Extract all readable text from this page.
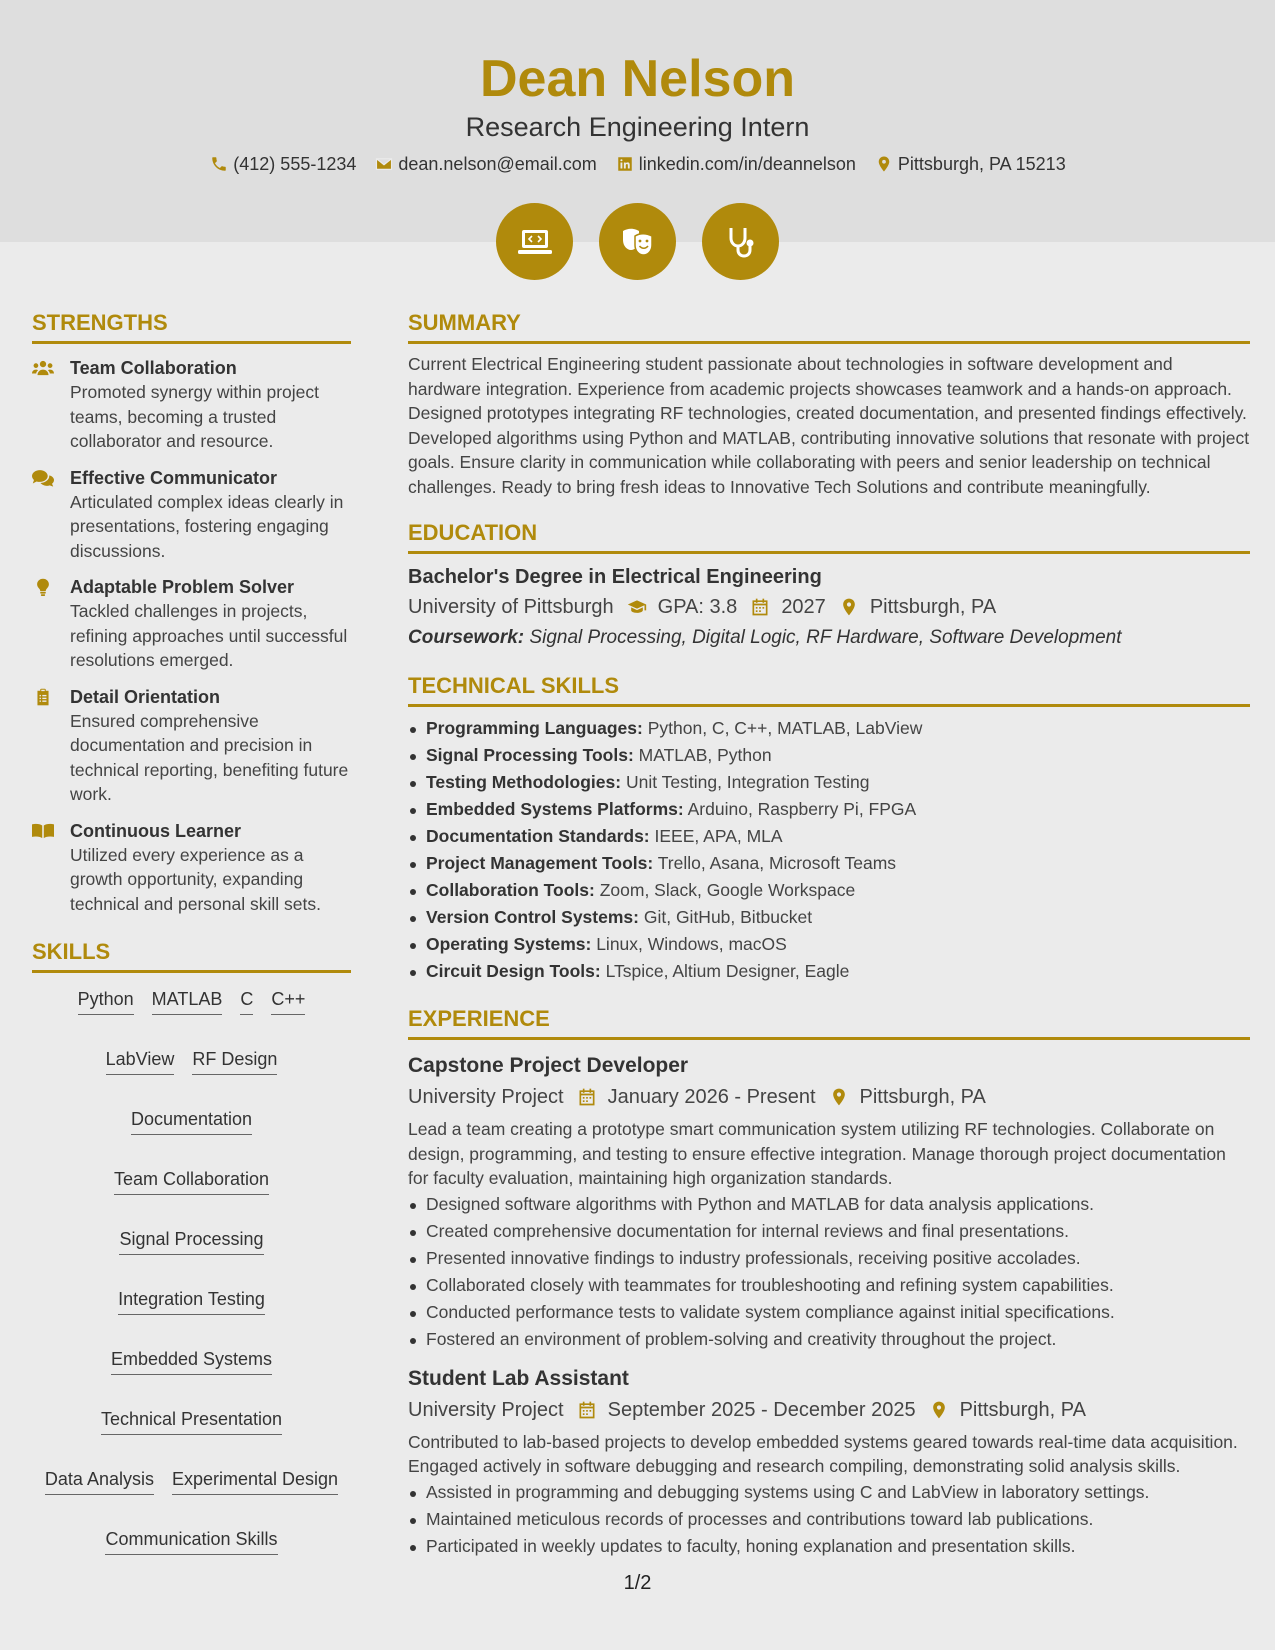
Dean Nelson
Research Engineering Intern
(412) 555-1234 dean.nelson@email.com linkedin.com/in/deannelson Pittsburgh, PA 15213
STRENGTHS
Team Collaboration
Promoted synergy within project teams, becoming a trusted collaborator and resource.
Effective Communicator
Articulated complex ideas clearly in presentations, fostering engaging discussions.
Adaptable Problem Solver
Tackled challenges in projects, refining approaches until successful resolutions emerged.
Detail Orientation
Ensured comprehensive documentation and precision in technical reporting, benefiting future work.
Continuous Learner
Utilized every experience as a growth opportunity, expanding technical and personal skill sets.
SKILLS
Python MATLAB C C++
LabView RF Design
Documentation
Team Collaboration
Signal Processing
Integration Testing
Embedded Systems
Technical Presentation
Data Analysis Experimental Design
Communication Skills
SUMMARY
Current Electrical Engineering student passionate about technologies in software development and hardware integration. Experience from academic projects showcases teamwork and a hands-on approach. Designed prototypes integrating RF technologies, created documentation, and presented findings effectively. Developed algorithms using Python and MATLAB, contributing innovative solutions that resonate with project goals. Ensure clarity in communication while collaborating with peers and senior leadership on technical challenges. Ready to bring fresh ideas to Innovative Tech Solutions and contribute meaningfully.
EDUCATION
Bachelor's Degree in Electrical Engineering
University of Pittsburgh GPA: 3.8 2027 Pittsburgh, PA
Coursework: Signal Processing, Digital Logic, RF Hardware, Software Development
TECHNICAL SKILLS
Programming Languages: Python, C, C++, MATLAB, LabView
Signal Processing Tools: MATLAB, Python
Testing Methodologies: Unit Testing, Integration Testing
Embedded Systems Platforms: Arduino, Raspberry Pi, FPGA
Documentation Standards: IEEE, APA, MLA
Project Management Tools: Trello, Asana, Microsoft Teams
Collaboration Tools: Zoom, Slack, Google Workspace
Version Control Systems: Git, GitHub, Bitbucket
Operating Systems: Linux, Windows, macOS
Circuit Design Tools: LTspice, Altium Designer, Eagle
EXPERIENCE
Capstone Project Developer
University Project January 2026 - Present Pittsburgh, PA
Lead a team creating a prototype smart communication system utilizing RF technologies. Collaborate on design, programming, and testing to ensure effective integration. Manage thorough project documentation for faculty evaluation, maintaining high organization standards.
Designed software algorithms with Python and MATLAB for data analysis applications.
Created comprehensive documentation for internal reviews and final presentations.
Presented innovative findings to industry professionals, receiving positive accolades.
Collaborated closely with teammates for troubleshooting and refining system capabilities.
Conducted performance tests to validate system compliance against initial specifications.
Fostered an environment of problem-solving and creativity throughout the project.
Student Lab Assistant
University Project September 2025 - December 2025 Pittsburgh, PA
Contributed to lab-based projects to develop embedded systems geared towards real-time data acquisition. Engaged actively in software debugging and research compiling, demonstrating solid analysis skills.
Assisted in programming and debugging systems using C and LabView in laboratory settings.
Maintained meticulous records of processes and contributions toward lab publications.
Participated in weekly updates to faculty, honing explanation and presentation skills.
1/2
